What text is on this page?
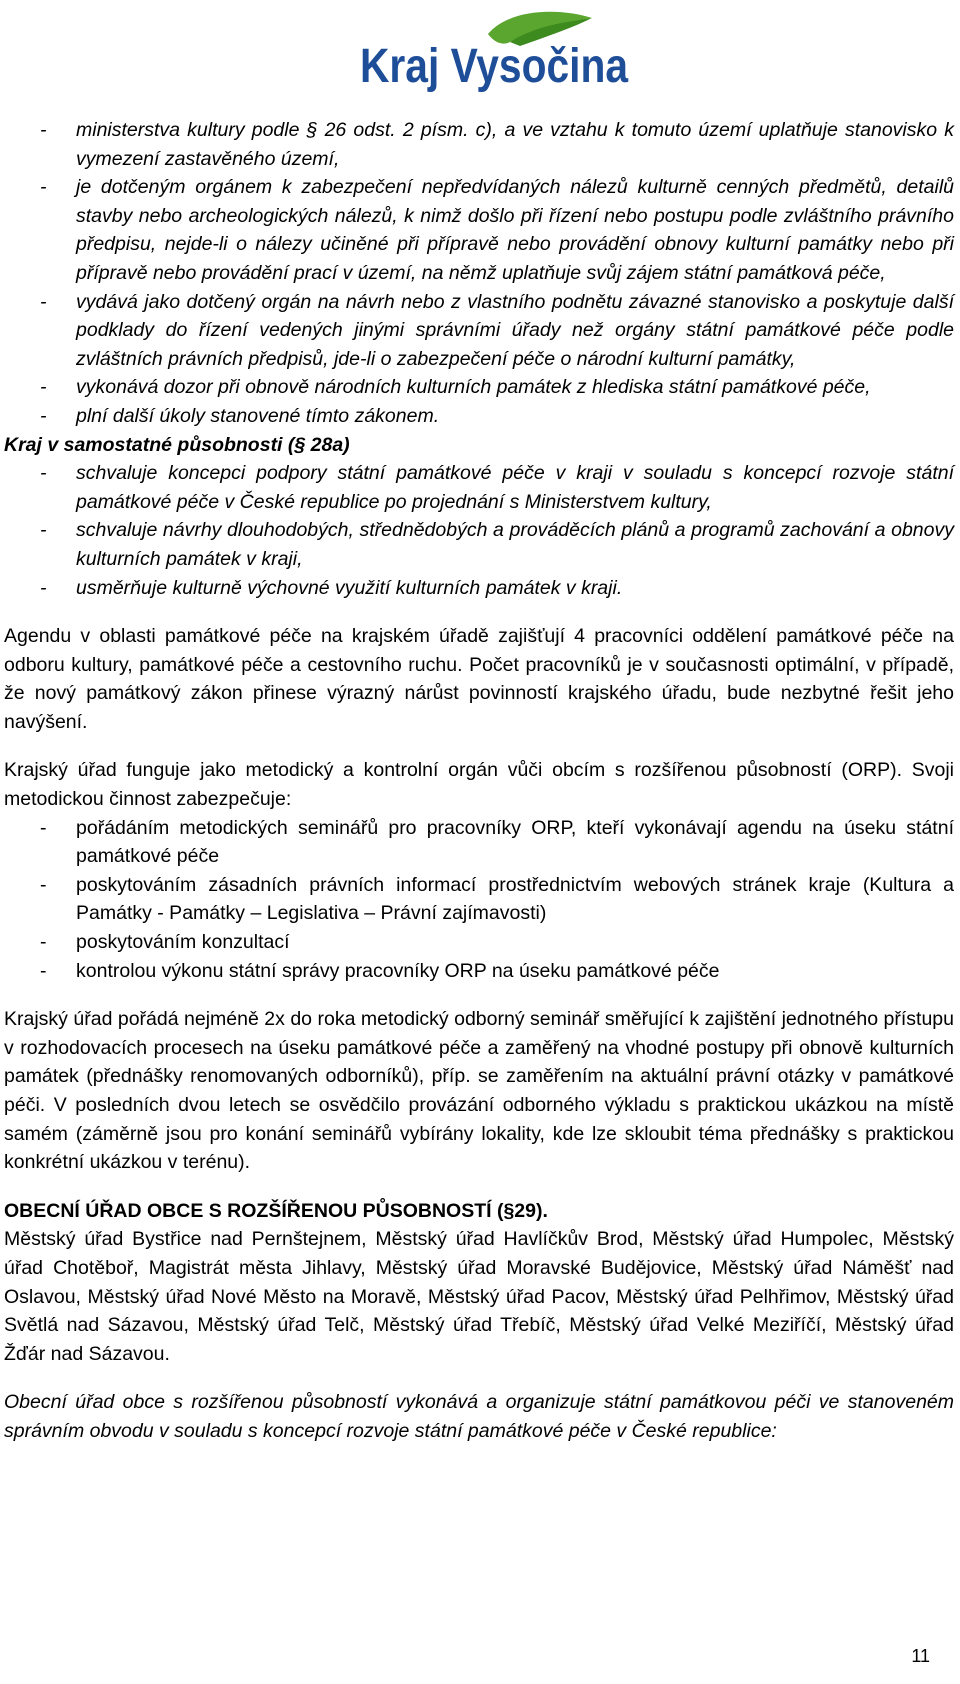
Kraj Vysočina
-	ministerstva kultury podle § 26 odst. 2 písm. c), a ve vztahu k tomuto území uplatňuje stanovisko k vymezení zastavěného území,
-	je dotčeným orgánem k zabezpečení nepředvídaných nálezů kulturně cenných předmětů, detailů stavby nebo archeologických nálezů, k nimž došlo při řízení nebo postupu podle zvláštního právního předpisu, nejde-li o nálezy učiněné při přípravě nebo provádění obnovy kulturní památky nebo při přípravě nebo provádění prací v území, na němž uplatňuje svůj zájem státní památková péče,
-	vydává jako dotčený orgán na návrh nebo z vlastního podnětu závazné stanovisko a poskytuje další podklady do řízení vedených jinými správními úřady než orgány státní památkové péče podle zvláštních právních předpisů, jde-li o zabezpečení péče o národní kulturní památky,
-	vykonává dozor při obnově národních kulturních památek z hlediska státní památkové péče,
-	plní další úkoly stanovené tímto zákonem.
Kraj v samostatné působnosti (§ 28a)
-	schvaluje koncepci podpory státní památkové péče v kraji v souladu s koncepcí rozvoje státní památkové péče v České republice po projednání s Ministerstvem kultury,
-	schvaluje návrhy dlouhodobých, střednědobých a prováděcích plánů a programů zachování a obnovy kulturních památek v kraji,
-	usměrňuje kulturně výchovné využití kulturních památek v kraji.
Agendu v oblasti památkové péče na krajském úřadě zajišťují 4 pracovníci oddělení památkové péče na odboru kultury, památkové péče a cestovního ruchu. Počet pracovníků je v současnosti optimální, v případě, že nový památkový zákon přinese výrazný nárůst povinností krajského úřadu, bude nezbytné řešit jeho navýšení.
Krajský úřad funguje jako metodický a kontrolní orgán vůči obcím s rozšířenou působností (ORP). Svoji metodickou činnost zabezpečuje:
-	pořádáním metodických seminářů pro pracovníky ORP, kteří vykonávají agendu na úseku státní památkové péče
-	poskytováním zásadních právních informací prostřednictvím webových stránek kraje (Kultura a Památky - Památky – Legislativa – Právní zajímavosti)
-	poskytováním konzultací
-	kontrolou výkonu státní správy pracovníky ORP na úseku památkové péče
Krajský úřad pořádá nejméně 2x do roka metodický odborný seminář směřující k zajištění jednotného přístupu v rozhodovacích procesech na úseku památkové péče a zaměřený na vhodné postupy při obnově kulturních památek (přednášky renomovaných odborníků), příp. se zaměřením na aktuální právní otázky v památkové péči. V posledních dvou letech se osvědčilo provázání odborného výkladu s praktickou ukázkou na místě samém (záměrně jsou pro konání seminářů vybírány lokality, kde lze skloubit téma přednášky s praktickou konkrétní ukázkou v terénu).
OBECNÍ ÚŘAD OBCE S ROZŠÍŘENOU PŮSOBNOSTÍ (§29).
Městský úřad Bystřice nad Pernštejnem, Městský úřad Havlíčkův Brod, Městský úřad Humpolec, Městský úřad Chotěboř, Magistrát města Jihlavy, Městský úřad Moravské Budějovice, Městský úřad Náměšť nad Oslavou, Městský úřad Nové Město na Moravě, Městský úřad Pacov, Městský úřad Pelhřimov, Městský úřad Světlá nad Sázavou, Městský úřad Telč, Městský úřad Třebíč, Městský úřad Velké Meziříčí, Městský úřad Žďár nad Sázavou.
Obecní úřad obce s rozšířenou působností vykonává a organizuje státní památkovou péči ve stanoveném správním obvodu v souladu s koncepcí rozvoje státní památkové péče v České republice:
11
